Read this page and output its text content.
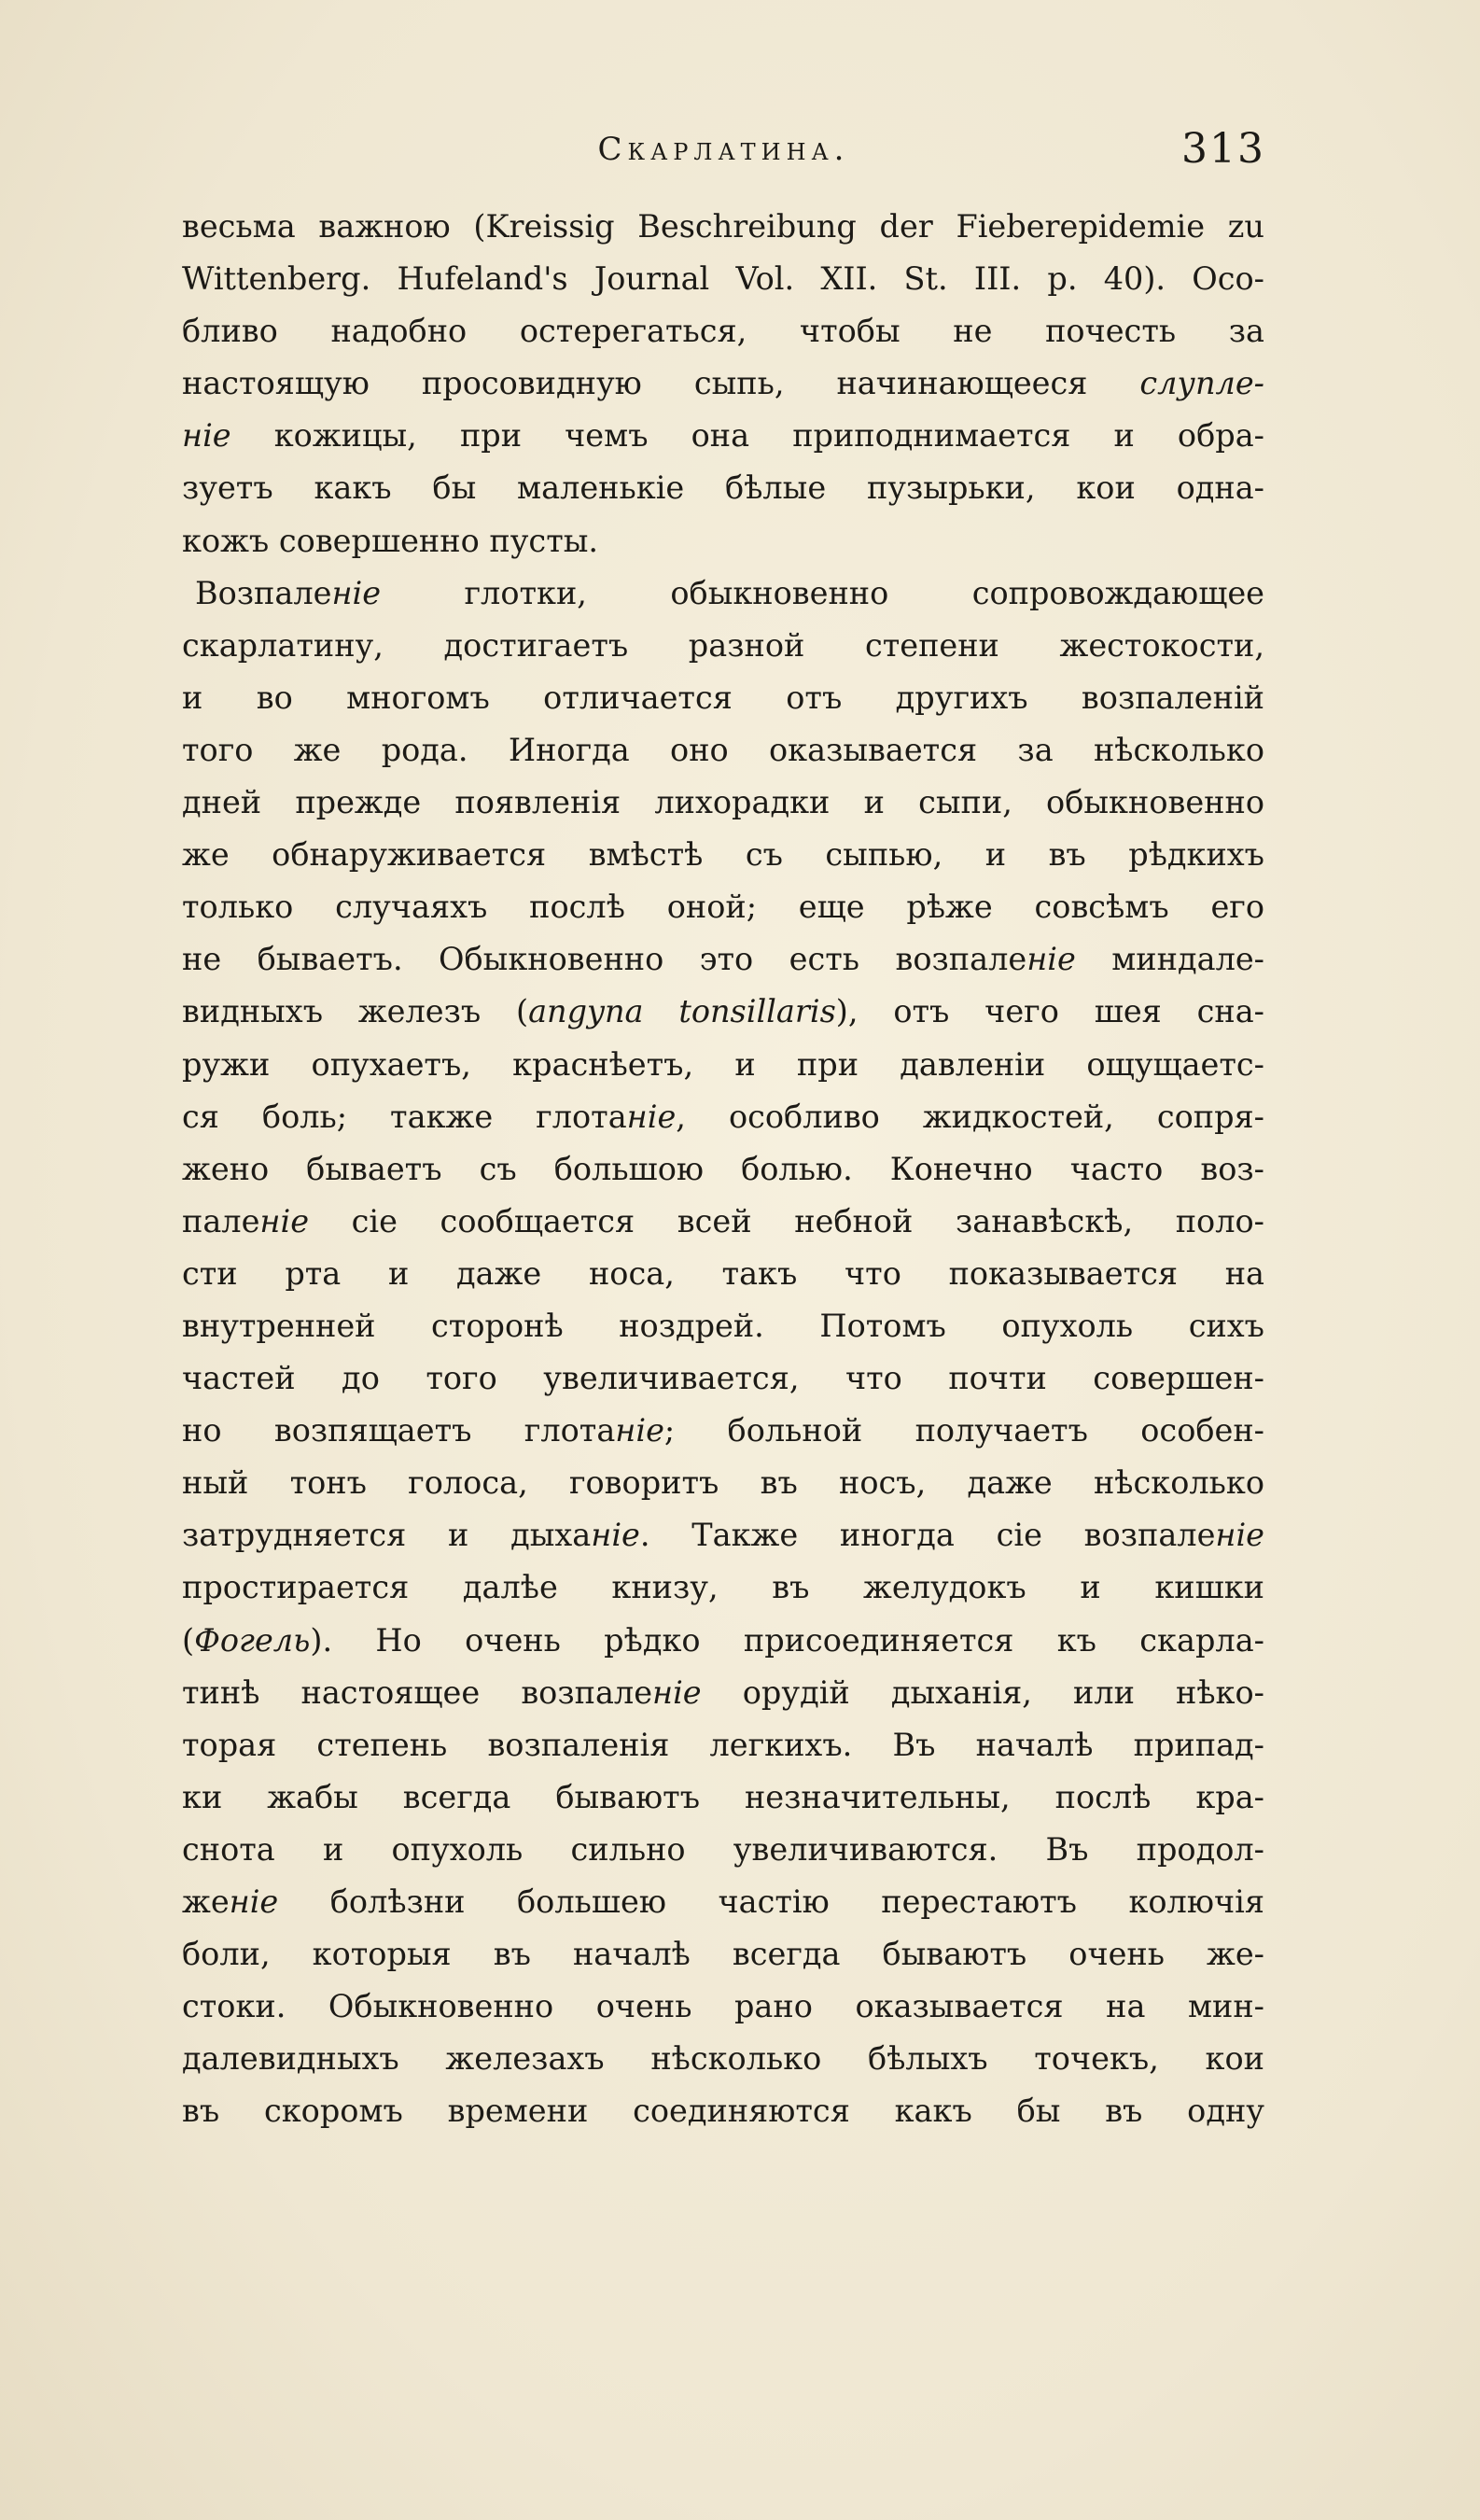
Скарлатина.	313
весьма важною (Kreissig Beschreibung der Fieberepidemie zu
Wittenberg. Hufeland's Journal Vol. XII. St. III. p. 40). Осо-
бливо надобно остерегаться, чтобы не почесть за
настоящую просовидную сыпь, начинающееся слупле-
ніе кожицы, при чемъ она приподнимается и обра-
зуетъ какъ бы маленькіе бѣлые пузырьки, кои одна-
кожъ совершенно пусты.
Возпаленіе глотки, обыкновенно сопровождающее
скарлатину, достигаетъ разной степени жестокости,
и во многомъ отличается отъ другихъ возпаленій
того же рода. Иногда оно оказывается за нѣсколько
дней прежде появленія лихорадки и сыпи, обыкновенно
же обнаруживается вмѣстѣ съ сыпью, и въ рѣдкихъ
только случаяхъ послѣ оной; еще рѣже совсѣмъ его
не бываетъ. Обыкновенно это есть возпаленіе миндале-
видныхъ железъ (angyna tonsillaris), отъ чего шея сна-
ружи опухаетъ, краснѣетъ, и при давленіи ощущаетс-
ся боль; также глотаніе, особливо жидкостей, сопря-
жено бываетъ съ большою болью. Конечно часто воз-
паленіе сіе сообщается всей небной занавѣскѣ, поло-
сти рта и даже носа, такъ что показывается на
внутренней сторонѣ ноздрей. Потомъ опухоль сихъ
частей до того увеличивается, что почти совершен-
но возпящаетъ глотаніе; больной получаетъ особен-
ный тонъ голоса, говоритъ въ носъ, даже нѣсколько
затрудняется и дыханіе. Также иногда сіе возпаленіе
простирается далѣе книзу, въ желудокъ и кишки
(Фогель). Но очень рѣдко присоединяется къ скарла-
тинѣ настоящее возпаленіе орудій дыханія, или нѣко-
торая степень возпаленія легкихъ. Въ началѣ припад-
ки жабы всегда бываютъ незначительны, послѣ кра-
снота и опухоль сильно увеличиваются. Въ продол-
женіе болѣзни большею частію перестаютъ колючія
боли, которыя въ началѣ всегда бываютъ очень же-
стоки. Обыкновенно очень рано оказывается на мин-
далевидныхъ железахъ нѣсколько бѣлыхъ точекъ, кои
въ скоромъ времени соединяются какъ бы въ одну
